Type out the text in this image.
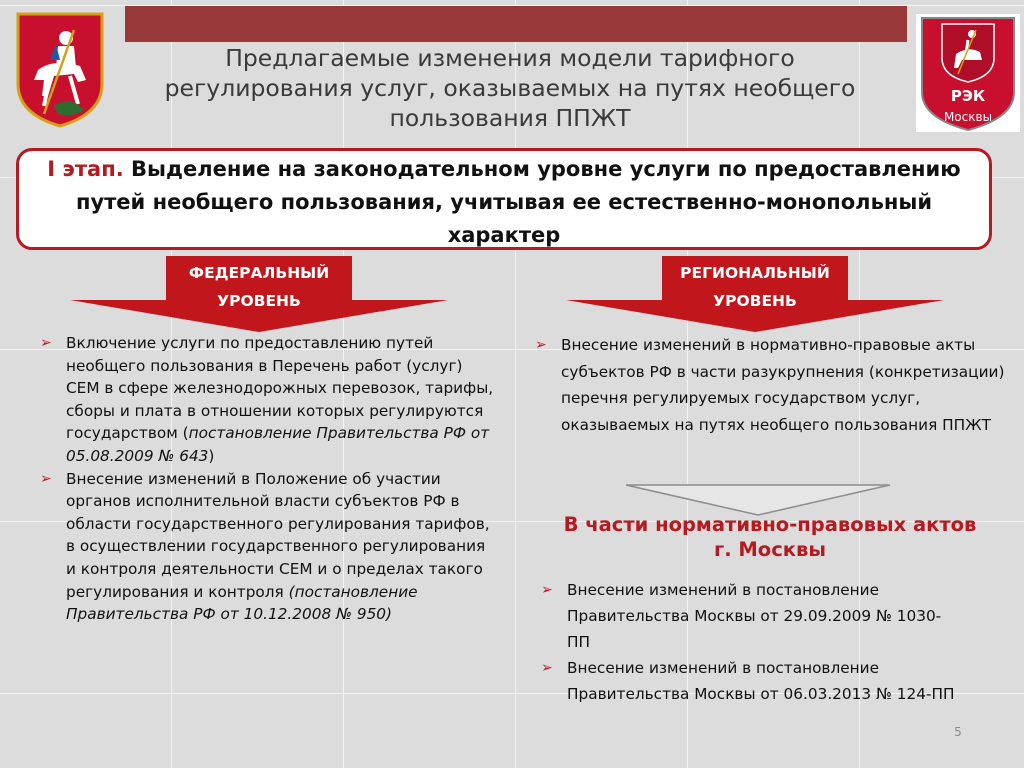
РЭК
Москвы
Предлагаемые изменения модели тарифного регулирования услуг, оказываемых на путях необщего пользования ППЖТ
I этап. Выделение на законодательном уровне услуги по предоставлению путей необщего пользования, учитывая ее естественно-монопольный характер
ФЕДЕРАЛЬНЫЙ УРОВЕНЬ
РЕГИОНАЛЬНЫЙ УРОВЕНЬ
➢ Включение услуги по предоставлению путей необщего пользования в Перечень работ (услуг) СЕМ в сфере железнодорожных перевозок, тарифы, сборы и плата в отношении которых регулируются государством (постановление Правительства РФ от 05.08.2009 № 643)
➢ Внесение изменений в Положение об участии органов исполнительной власти субъектов РФ в области государственного регулирования тарифов, в осуществлении государственного регулирования и контроля деятельности СЕМ и о пределах такого регулирования и контроля (постановление Правительства РФ от 10.12.2008 № 950)
➢ Внесение изменений в нормативно-правовые акты субъектов РФ в части разукрупнения (конкретизации) перечня регулируемых государством услуг, оказываемых на путях необщего пользования ППЖТ
В части нормативно-правовых актов г. Москвы
➢ Внесение изменений в постановление Правительства Москвы от 29.09.2009 № 1030-ПП
➢ Внесение изменений в постановление Правительства Москвы от 06.03.2013 № 124-ПП
5
